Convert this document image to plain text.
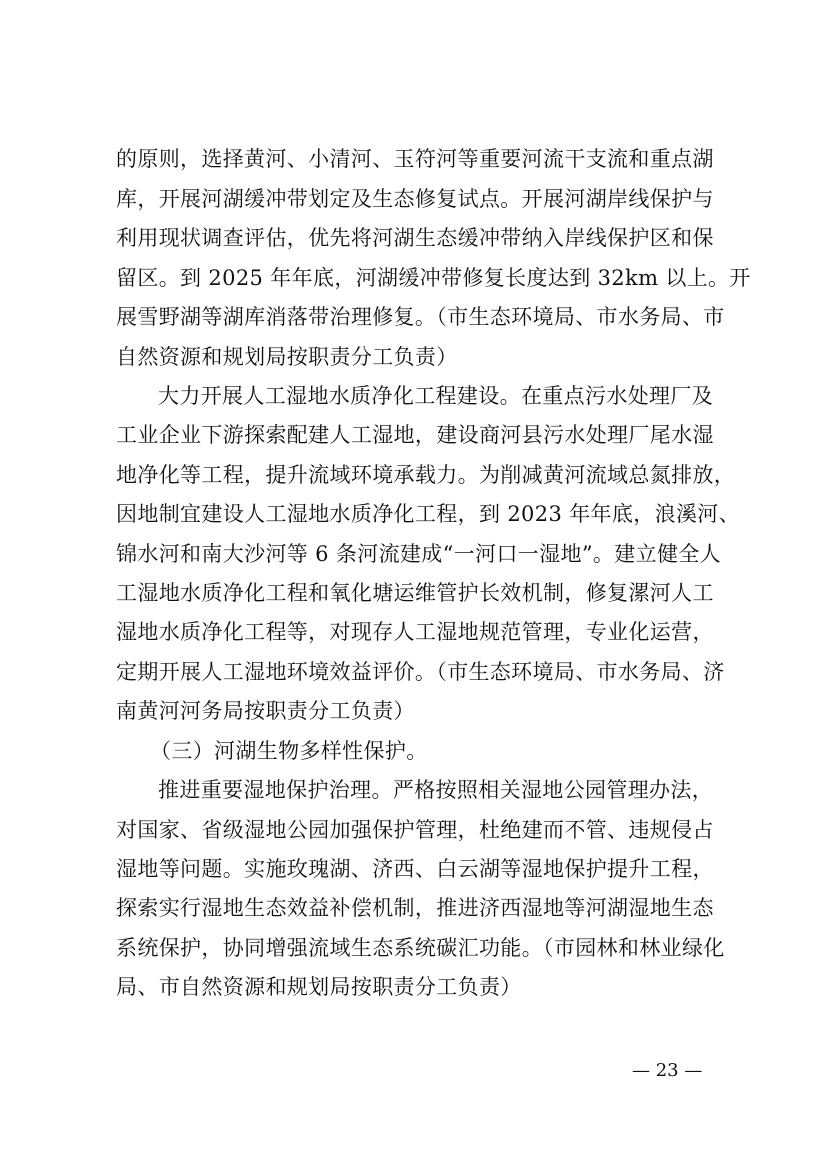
的原则，选择黄河、小清河、玉符河等重要河流干支流和重点湖
库，开展河湖缓冲带划定及生态修复试点。开展河湖岸线保护与
利用现状调查评估，优先将河湖生态缓冲带纳入岸线保护区和保
留区。到 2025 年年底，河湖缓冲带修复长度达到 32km 以上。开
展雪野湖等湖库消落带治理修复。（市生态环境局、市水务局、市
自然资源和规划局按职责分工负责）
大力开展人工湿地水质净化工程建设。在重点污水处理厂及
工业企业下游探索配建人工湿地，建设商河县污水处理厂尾水湿
地净化等工程，提升流域环境承载力。为削减黄河流域总氮排放，
因地制宜建设人工湿地水质净化工程，到 2023 年年底，浪溪河、
锦水河和南大沙河等 6 条河流建成“一河口一湿地”。建立健全人
工湿地水质净化工程和氧化塘运维管护长效机制，修复漯河人工
湿地水质净化工程等，对现存人工湿地规范管理，专业化运营，
定期开展人工湿地环境效益评价。（市生态环境局、市水务局、济
南黄河河务局按职责分工负责）
（三）河湖生物多样性保护。
推进重要湿地保护治理。严格按照相关湿地公园管理办法，
对国家、省级湿地公园加强保护管理，杜绝建而不管、违规侵占
湿地等问题。实施玫瑰湖、济西、白云湖等湿地保护提升工程，
探索实行湿地生态效益补偿机制，推进济西湿地等河湖湿地生态
系统保护，协同增强流域生态系统碳汇功能。（市园林和林业绿化
局、市自然资源和规划局按职责分工负责）
— 23 —
